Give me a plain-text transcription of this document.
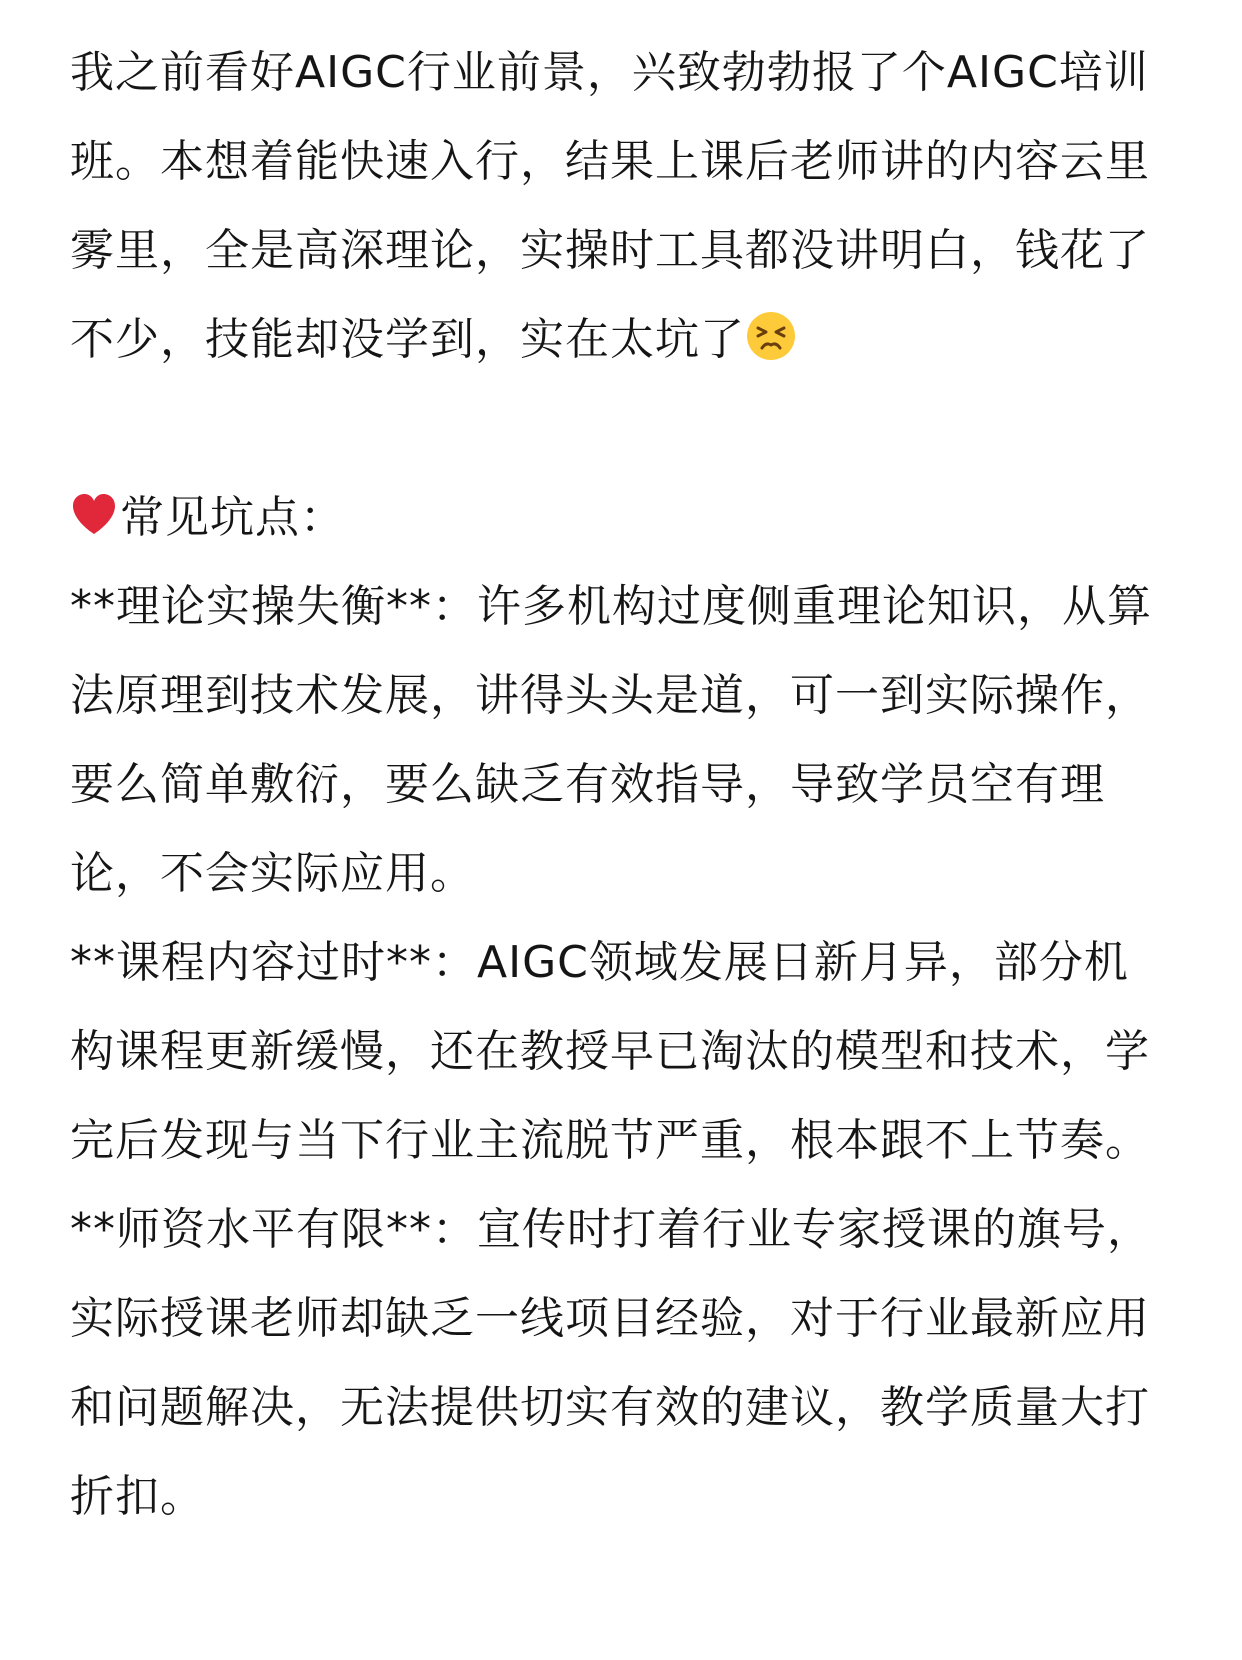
我之前看好AIGC行业前景，兴致勃勃报了个AIGC培训班。本想着能快速入行，结果上课后老师讲的内容云里雾里，全是高深理论，实操时工具都没讲明白，钱花了不少，技能却没学到，实在太坑了

常见坑点：

**理论实操失衡**：许多机构过度侧重理论知识，从算法原理到技术发展，讲得头头是道，可一到实际操作，要么简单敷衍，要么缺乏有效指导，导致学员空有理论，不会实际应用。

**课程内容过时**：AIGC领域发展日新月异，部分机构课程更新缓慢，还在教授早已淘汰的模型和技术，学完后发现与当下行业主流脱节严重，根本跟不上节奏。

**师资水平有限**：宣传时打着行业专家授课的旗号，实际授课老师却缺乏一线项目经验，对于行业最新应用和问题解决，无法提供切实有效的建议，教学质量大打折扣。
